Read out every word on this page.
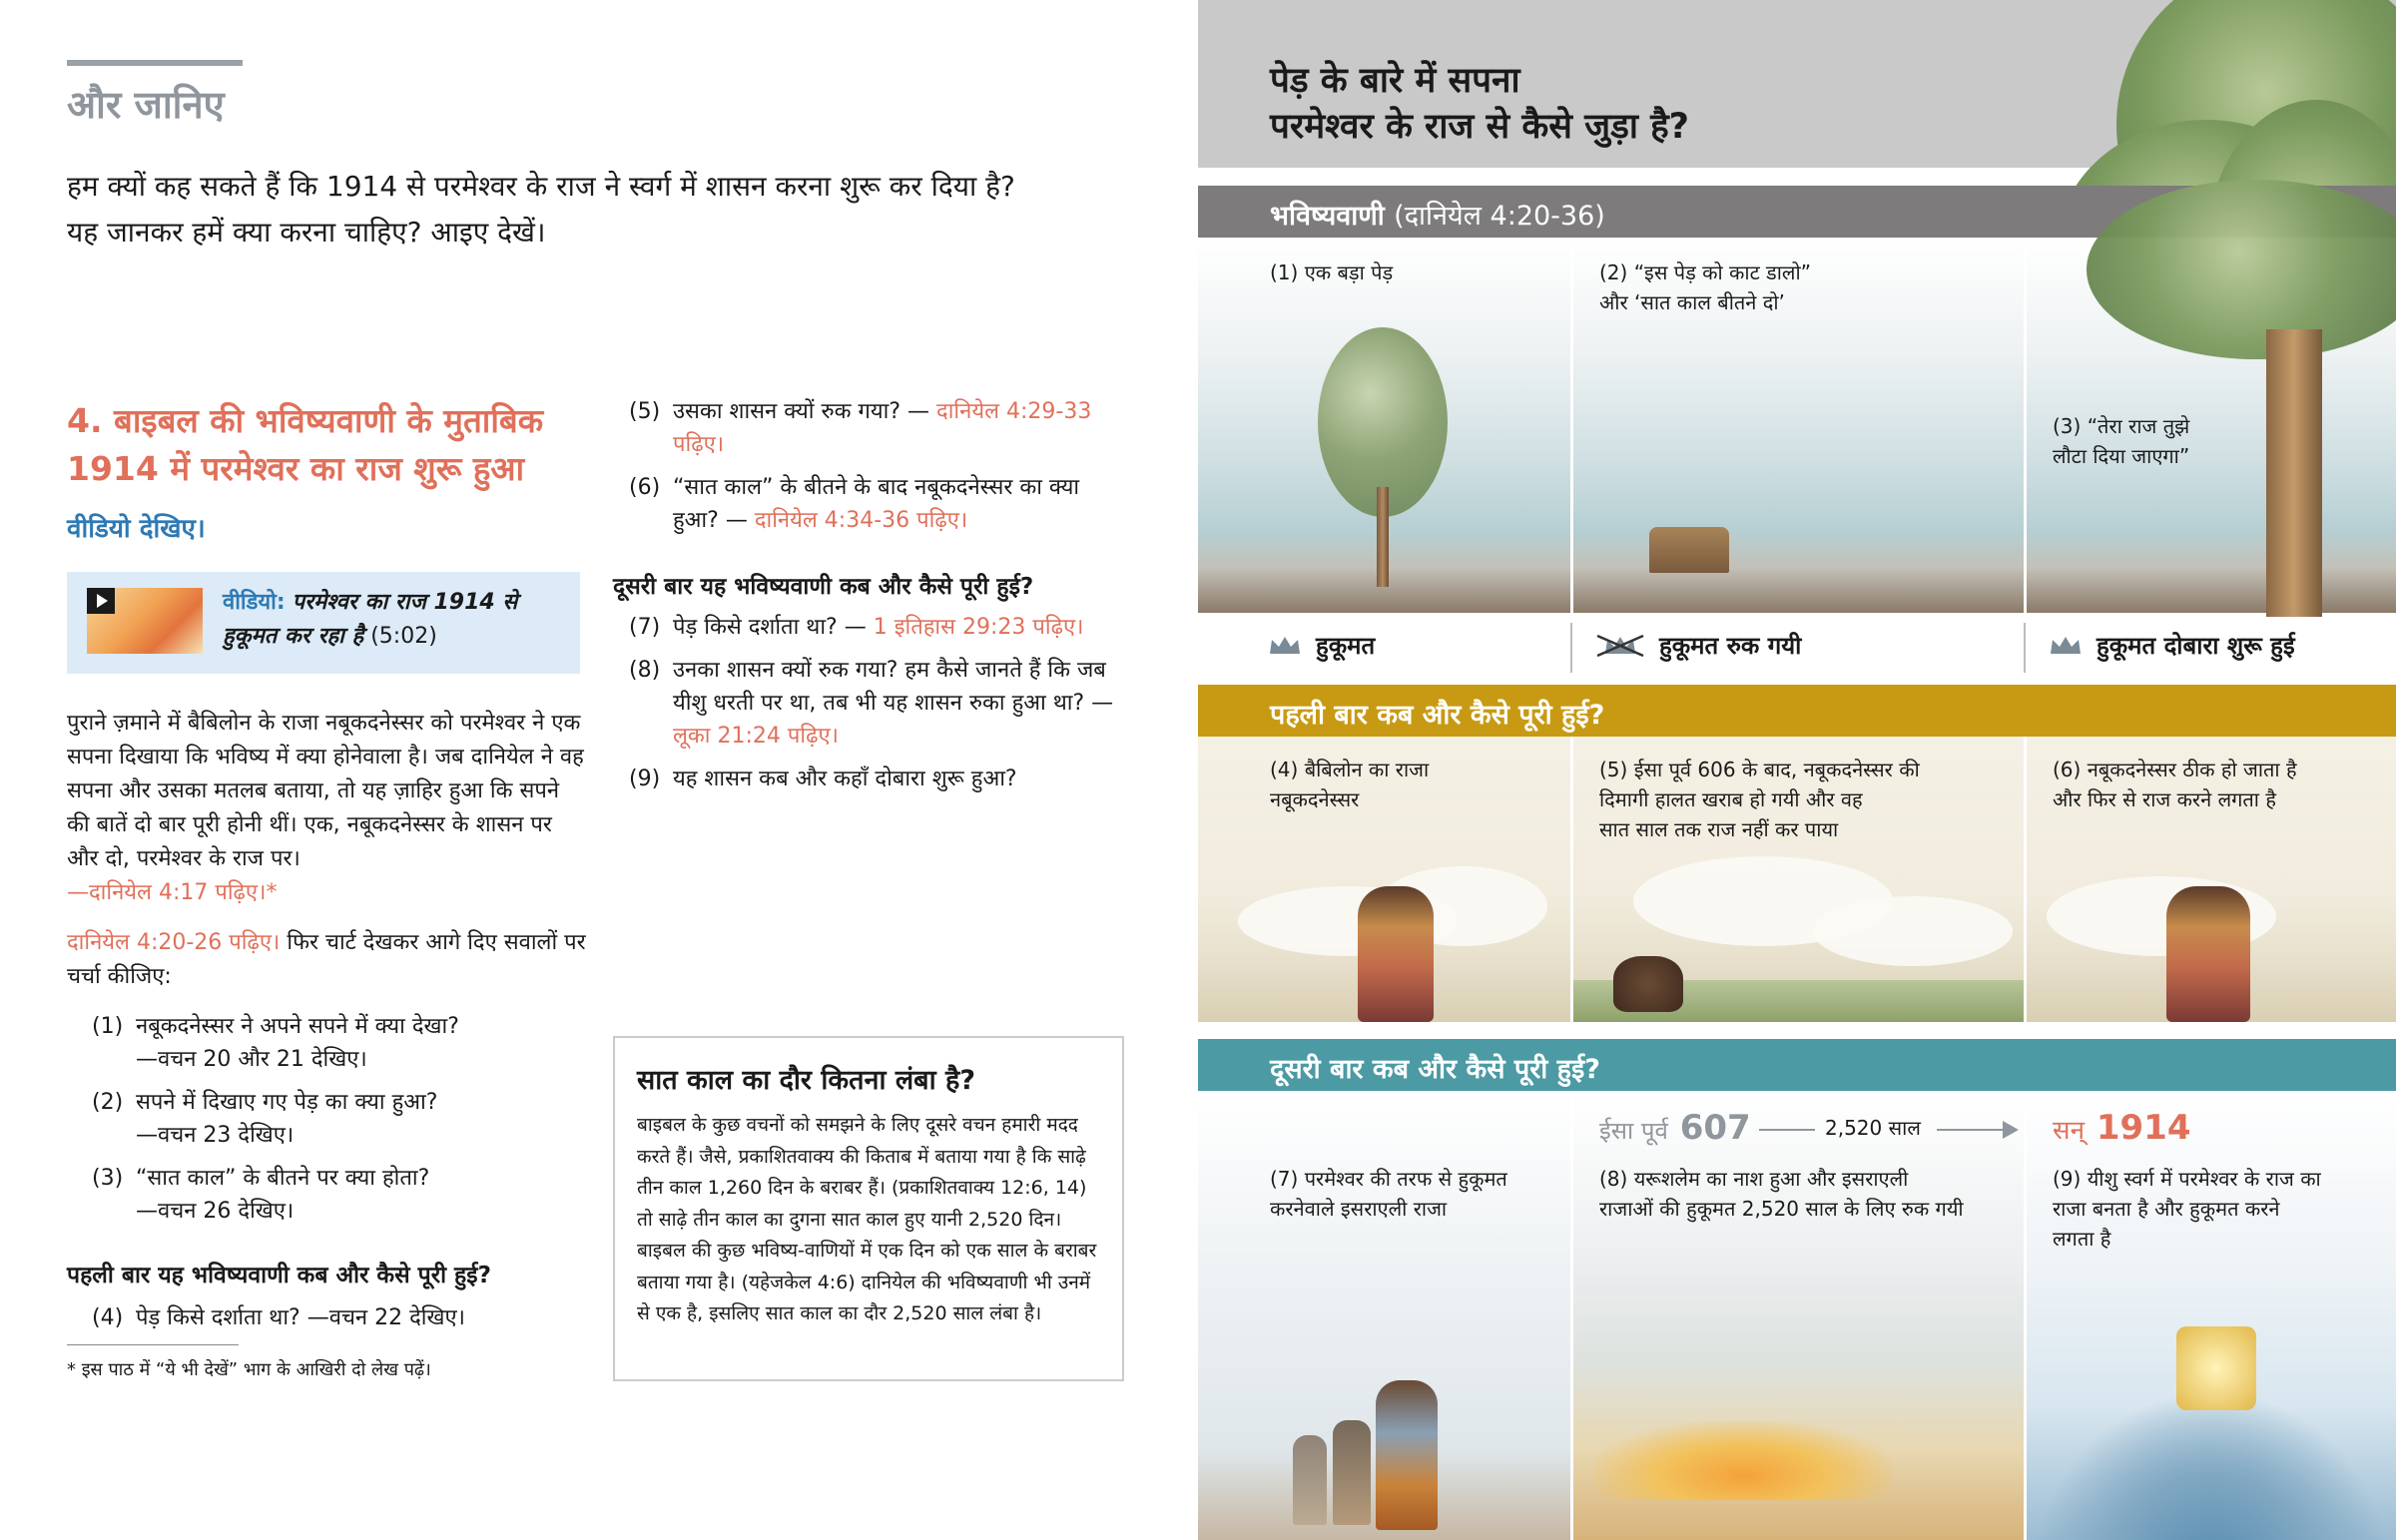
और जानिए
हम क्यों कह सकते हैं कि 1914 से परमेश्‍वर के राज ने स्वर्ग में शासन करना शुरू कर दिया है? यह जानकर हमें क्या करना चाहिए? आइए देखें।
4. बाइबल की भविष्यवाणी के मुताबिक 1914 में परमेश्‍वर का राज शुरू हुआ
वीडियो देखिए।
वीडियो: परमेश्‍वर का राज 1914 से हुकूमत कर रहा है (5:02)
पुराने ज़माने में बैबिलोन के राजा नबूकदनेस्सर को परमेश्‍वर ने एक सपना दिखाया कि भविष्य में क्या होनेवाला है। जब दानियेल ने वह सपना और उसका मतलब बताया, तो यह ज़ाहिर हुआ कि सपने की बातें दो बार पूरी होनी थीं। एक, नबूकदनेस्सर के शासन पर और दो, परमेश्‍वर के राज पर।
—दानियेल 4:17 पढ़िए।*
दानियेल 4:20-26 पढ़िए। फिर चार्ट देखकर आगे दिए सवालों पर चर्चा कीजिए:
(1) नबूकदनेस्सर ने अपने सपने में क्या देखा?
—वचन 20 और 21 देखिए।
(2) सपने में दिखाए गए पेड़ का क्या हुआ?
—वचन 23 देखिए।
(3) “सात काल” के बीतने पर क्या होता?
—वचन 26 देखिए।
पहली बार यह भविष्यवाणी कब और कैसे पूरी हुई?
(4) पेड़ किसे दर्शाता था? —वचन 22 देखिए।
* इस पाठ में “ये भी देखें” भाग के आखिरी दो लेख पढ़ें।
(5) उसका शासन क्यों रुक गया? — दानियेल 4:29-33 पढ़िए।
(6) “सात काल” के बीतने के बाद नबूकदनेस्सर का क्या हुआ? — दानियेल 4:34-36 पढ़िए।
दूसरी बार यह भविष्यवाणी कब और कैसे पूरी हुई?
(7) पेड़ किसे दर्शाता था? — 1 इतिहास 29:23 पढ़िए।
(8) उनका शासन क्यों रुक गया? हम कैसे जानते हैं कि जब यीशु धरती पर था, तब भी यह शासन रुका हुआ था? — लूका 21:24 पढ़िए।
(9) यह शासन कब और कहाँ दोबारा शुरू हुआ?
सात काल का दौर कितना लंबा है?

बाइबल के कुछ वचनों को समझने के लिए दूसरे वचन हमारी मदद करते हैं। जैसे, प्रकाशितवाक्य की किताब में बताया गया है कि साढ़े तीन काल 1,260 दिन के बराबर हैं। (प्रकाशितवाक्य 12:6, 14) तो साढ़े तीन काल का दुगना सात काल हुए यानी 2,520 दिन। बाइबल की कुछ भविष्य-वाणियों में एक दिन को एक साल के बराबर बताया गया है। (यहेजकेल 4:6) दानियेल की भविष्यवाणी भी उनमें से एक है, इसलिए सात काल का दौर 2,520 साल लंबा है।

पेड़ के बारे में सपना
परमेश्‍वर के राज से कैसे जुड़ा है?
भविष्यवाणी (दानियेल 4:20-36)
(1) एक बड़ा पेड़	(2) “इस पेड़ को काट डालो”
और ‘सात काल बीतने दो’
(3) “तेरा राज तुझे
लौटा दिया जाएगा”
हुकूमत	हुकूमत रुक गयी	हुकूमत दोबारा शुरू हुई
पहली बार कब और कैसे पूरी हुई?
(4) बैबिलोन का राजा
नबूकदनेस्सर
(5) ईसा पूर्व 606 के बाद, नबूकदनेस्सर की
दिमागी हालत खराब हो गयी और वह
सात साल तक राज नहीं कर पाया
(6) नबूकदनेस्सर ठीक हो जाता है
और फिर से राज करने लगता है
दूसरी बार कब और कैसे पूरी हुई?
ईसा पूर्व 607	2,520 साल	सन् 1914
(7) परमेश्‍वर की तरफ से हुकूमत
करनेवाले इसराएली राजा
(8) यरूशलेम का नाश हुआ और इसराएली
राजाओं की हुकूमत 2,520 साल के लिए रुक गयी
(9) यीशु स्वर्ग में परमेश्‍वर के राज का
राजा बनता है और हुकूमत करने
लगता है
